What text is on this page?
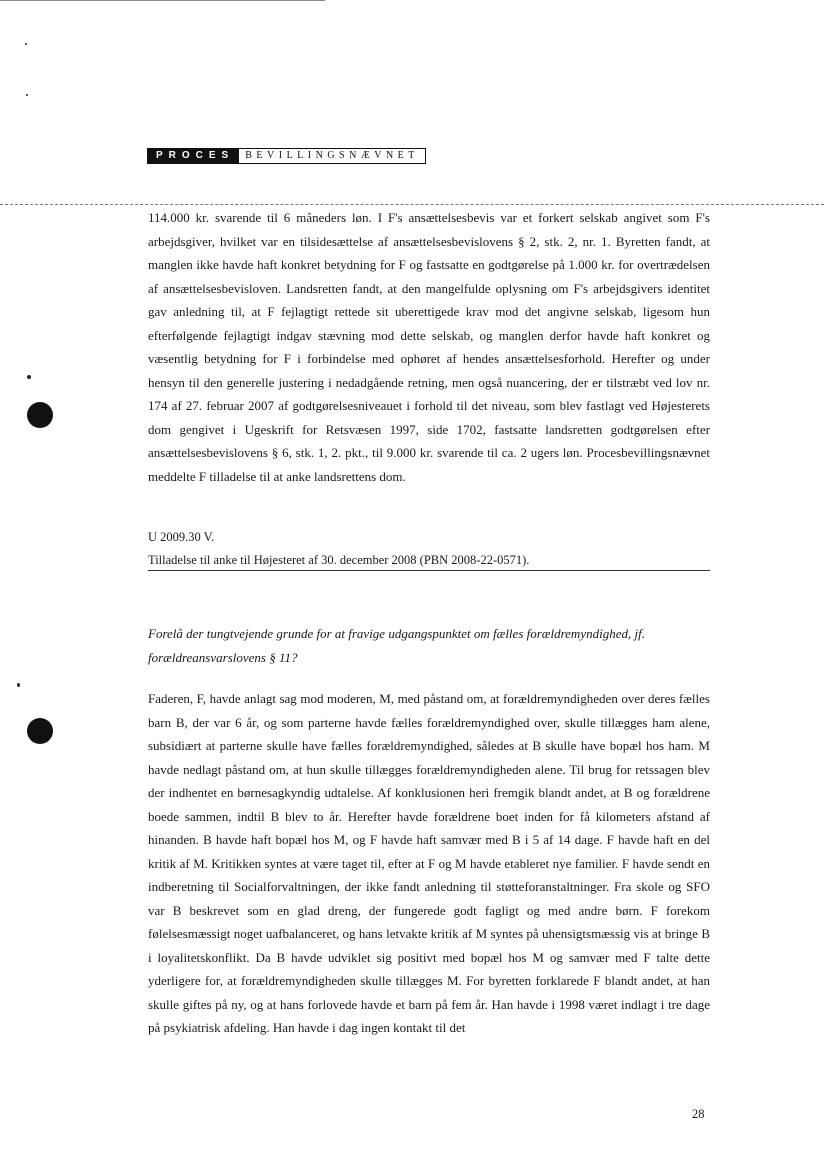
PROCES	BEVILLINGSNÆVNET
114.000 kr. svarende til 6 måneders løn. I F's ansættelsesbevis var et forkert selskab angivet som F's arbejdsgiver, hvilket var en tilsidesættelse af ansættelsesbevislovens § 2, stk. 2, nr. 1. Byretten fandt, at manglen ikke havde haft konkret betydning for F og fastsatte en godtgørelse på 1.000 kr. for overtrædelsen af ansættelsesbevisloven. Landsretten fandt, at den mangelfulde oplysning om F's arbejdsgivers identitet gav anledning til, at F fejlagtigt rettede sit uberettigede krav mod det angivne selskab, ligesom hun efterfølgende fejlagtigt indgav stævning mod dette selskab, og manglen derfor havde haft konkret og væsentlig betydning for F i forbindelse med ophøret af hendes ansættelsesforhold. Herefter og under hensyn til den generelle justering i nedadgående retning, men også nuancering, der er tilstræbt ved lov nr. 174 af 27. februar 2007 af godtgørelsesniveauet i forhold til det niveau, som blev fastlagt ved Højesterets dom gengivet i Ugeskrift for Retsvæsen 1997, side 1702, fastsatte landsretten godtgørelsen efter ansættelsesbevislovens § 6, stk. 1, 2. pkt., til 9.000 kr. svarende til ca. 2 ugers løn. Procesbevillingsnævnet meddelte F tilladelse til at anke landsrettens dom.
U 2009.30 V.
Tilladelse til anke til Højesteret af 30. december 2008 (PBN 2008-22-0571).
Forelå der tungtvejende grunde for at fravige udgangspunktet om fælles forældremyndighed, jf. forældreansvarslovens § 11?
Faderen, F, havde anlagt sag mod moderen, M, med påstand om, at forældremyndigheden over deres fælles barn B, der var 6 år, og som parterne havde fælles forældremyndighed over, skulle tillægges ham alene, subsidiært at parterne skulle have fælles forældremyndighed, således at B skulle have bopæl hos ham. M havde nedlagt påstand om, at hun skulle tillægges forældremyndigheden alene. Til brug for retssagen blev der indhentet en børnesagkyndig udtalelse. Af konklusionen heri fremgik blandt andet, at B og forældrene boede sammen, indtil B blev to år. Herefter havde forældrene boet inden for få kilometers afstand af hinanden. B havde haft bopæl hos M, og F havde haft samvær med B i 5 af 14 dage. F havde haft en del kritik af M. Kritikken syntes at være taget til, efter at F og M havde etableret nye familier. F havde sendt en indberetning til Socialforvaltningen, der ikke fandt anledning til støtteforanstaltninger. Fra skole og SFO var B beskrevet som en glad dreng, der fungerede godt fagligt og med andre børn. F forekom følelsesmæssigt noget uafbalanceret, og hans letvakte kritik af M syntes på uhensigtsmæssig vis at bringe B i loyalitetskonflikt. Da B havde udviklet sig positivt med bopæl hos M og samvær med F talte dette yderligere for, at forældremyndigheden skulle tillægges M. For byretten forklarede F blandt andet, at han skulle giftes på ny, og at hans forlovede havde et barn på fem år. Han havde i 1998 været indlagt i tre dage på psykiatrisk afdeling. Han havde i dag ingen kontakt til det
28
